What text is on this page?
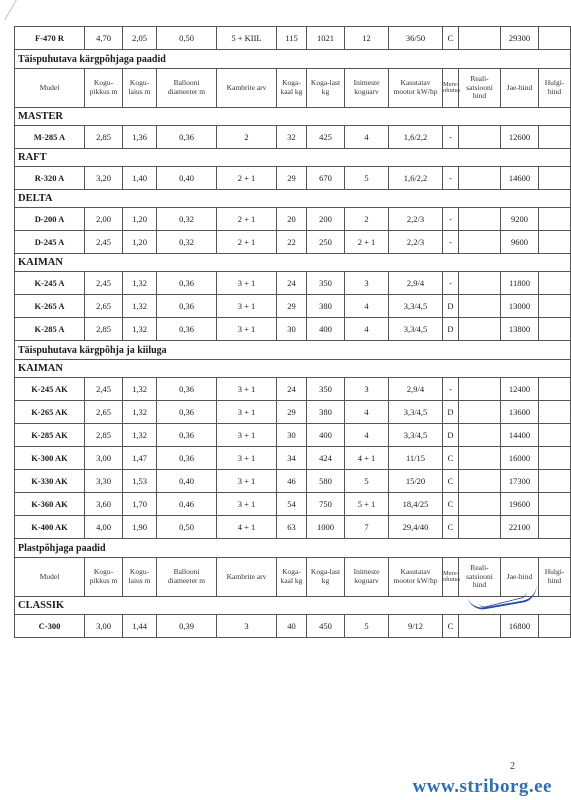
F-470 R	4,70	2,05	0,50	5 + KIIL	115	1021	12	36/50	C		29300	
Täispuhutava kärgpõhjaga paadid												
Mudel	Kogu-pikkus m	Kogu-laius m	Ballooni diameeter m	Kambrite arv	Koga-kaal kg	Koga-last kg	Inimeste koguarv	Kasutatav mootor kW/hp	Mere-ohutus	Reali-satsiooni hind	Jae-hind	Hulgi-hind
MASTER												
M-285 A	2,85	1,36	0,36	2	32	425	4	1,6/2,2	-		12600	
RAFT												
R-320 A	3,20	1,40	0,40	2 + 1	29	670	5	1,6/2,2	-		14600	
DELTA												
D-200 A	2,00	1,20	0,32	2 + 1	20	200	2	2,2/3	-		9200	
D-245 A	2,45	1,20	0,32	2 + 1	22	250	2 + 1	2,2/3	-		9600	
KAIMAN												
K-245 A	2,45	1,32	0,36	3 + 1	24	350	3	2,9/4	-		11800	
K-265 A	2,65	1,32	0,36	3 + 1	29	380	4	3,3/4,5	D		13000	
K-285 A	2,85	1,32	0,36	3 + 1	30	400	4	3,3/4,5	D		13800	
Täispuhutava kärgpõhja ja kiiluga												
KAIMAN												
K-245 AK	2,45	1,32	0,36	3 + 1	24	350	3	2,9/4	-		12400	
K-265 AK	2,65	1,32	0,36	3 + 1	29	380	4	3,3/4,5	D		13600	
K-285 AK	2,85	1,32	0,36	3 + 1	30	400	4	3,3/4,5	D		14400	
K-300 AK	3,00	1,47	0,36	3 + 1	34	424	4 + 1	11/15	C		16000	
K-330 AK	3,30	1,53	0,40	3 + 1	46	580	5	15/20	C		17300	
K-360 AK	3,60	1,70	0,46	3 + 1	54	750	5 + 1	18,4/25	C		19600	
K-400 AK	4,00	1,90	0,50	4 + 1	63	1000	7	29,4/40	C		22100	
Plastpõhjaga paadid												
Mudel	Kogu-pikkus m	Kogu-laius m	Ballooni diameeter m	Kambrite arv	Koga-kaal kg	Koga-last kg	Inimeste koguarv	Kasutatav mootor kW/hp	Mere-ohutus	Reali-satsiooni hind	Jae-hind	Hulgi-hind
CLASSIK												
C-300	3,00	1,44	0,39	3	40	450	5	9/12	C		16800	
2
www.striborg.ee
